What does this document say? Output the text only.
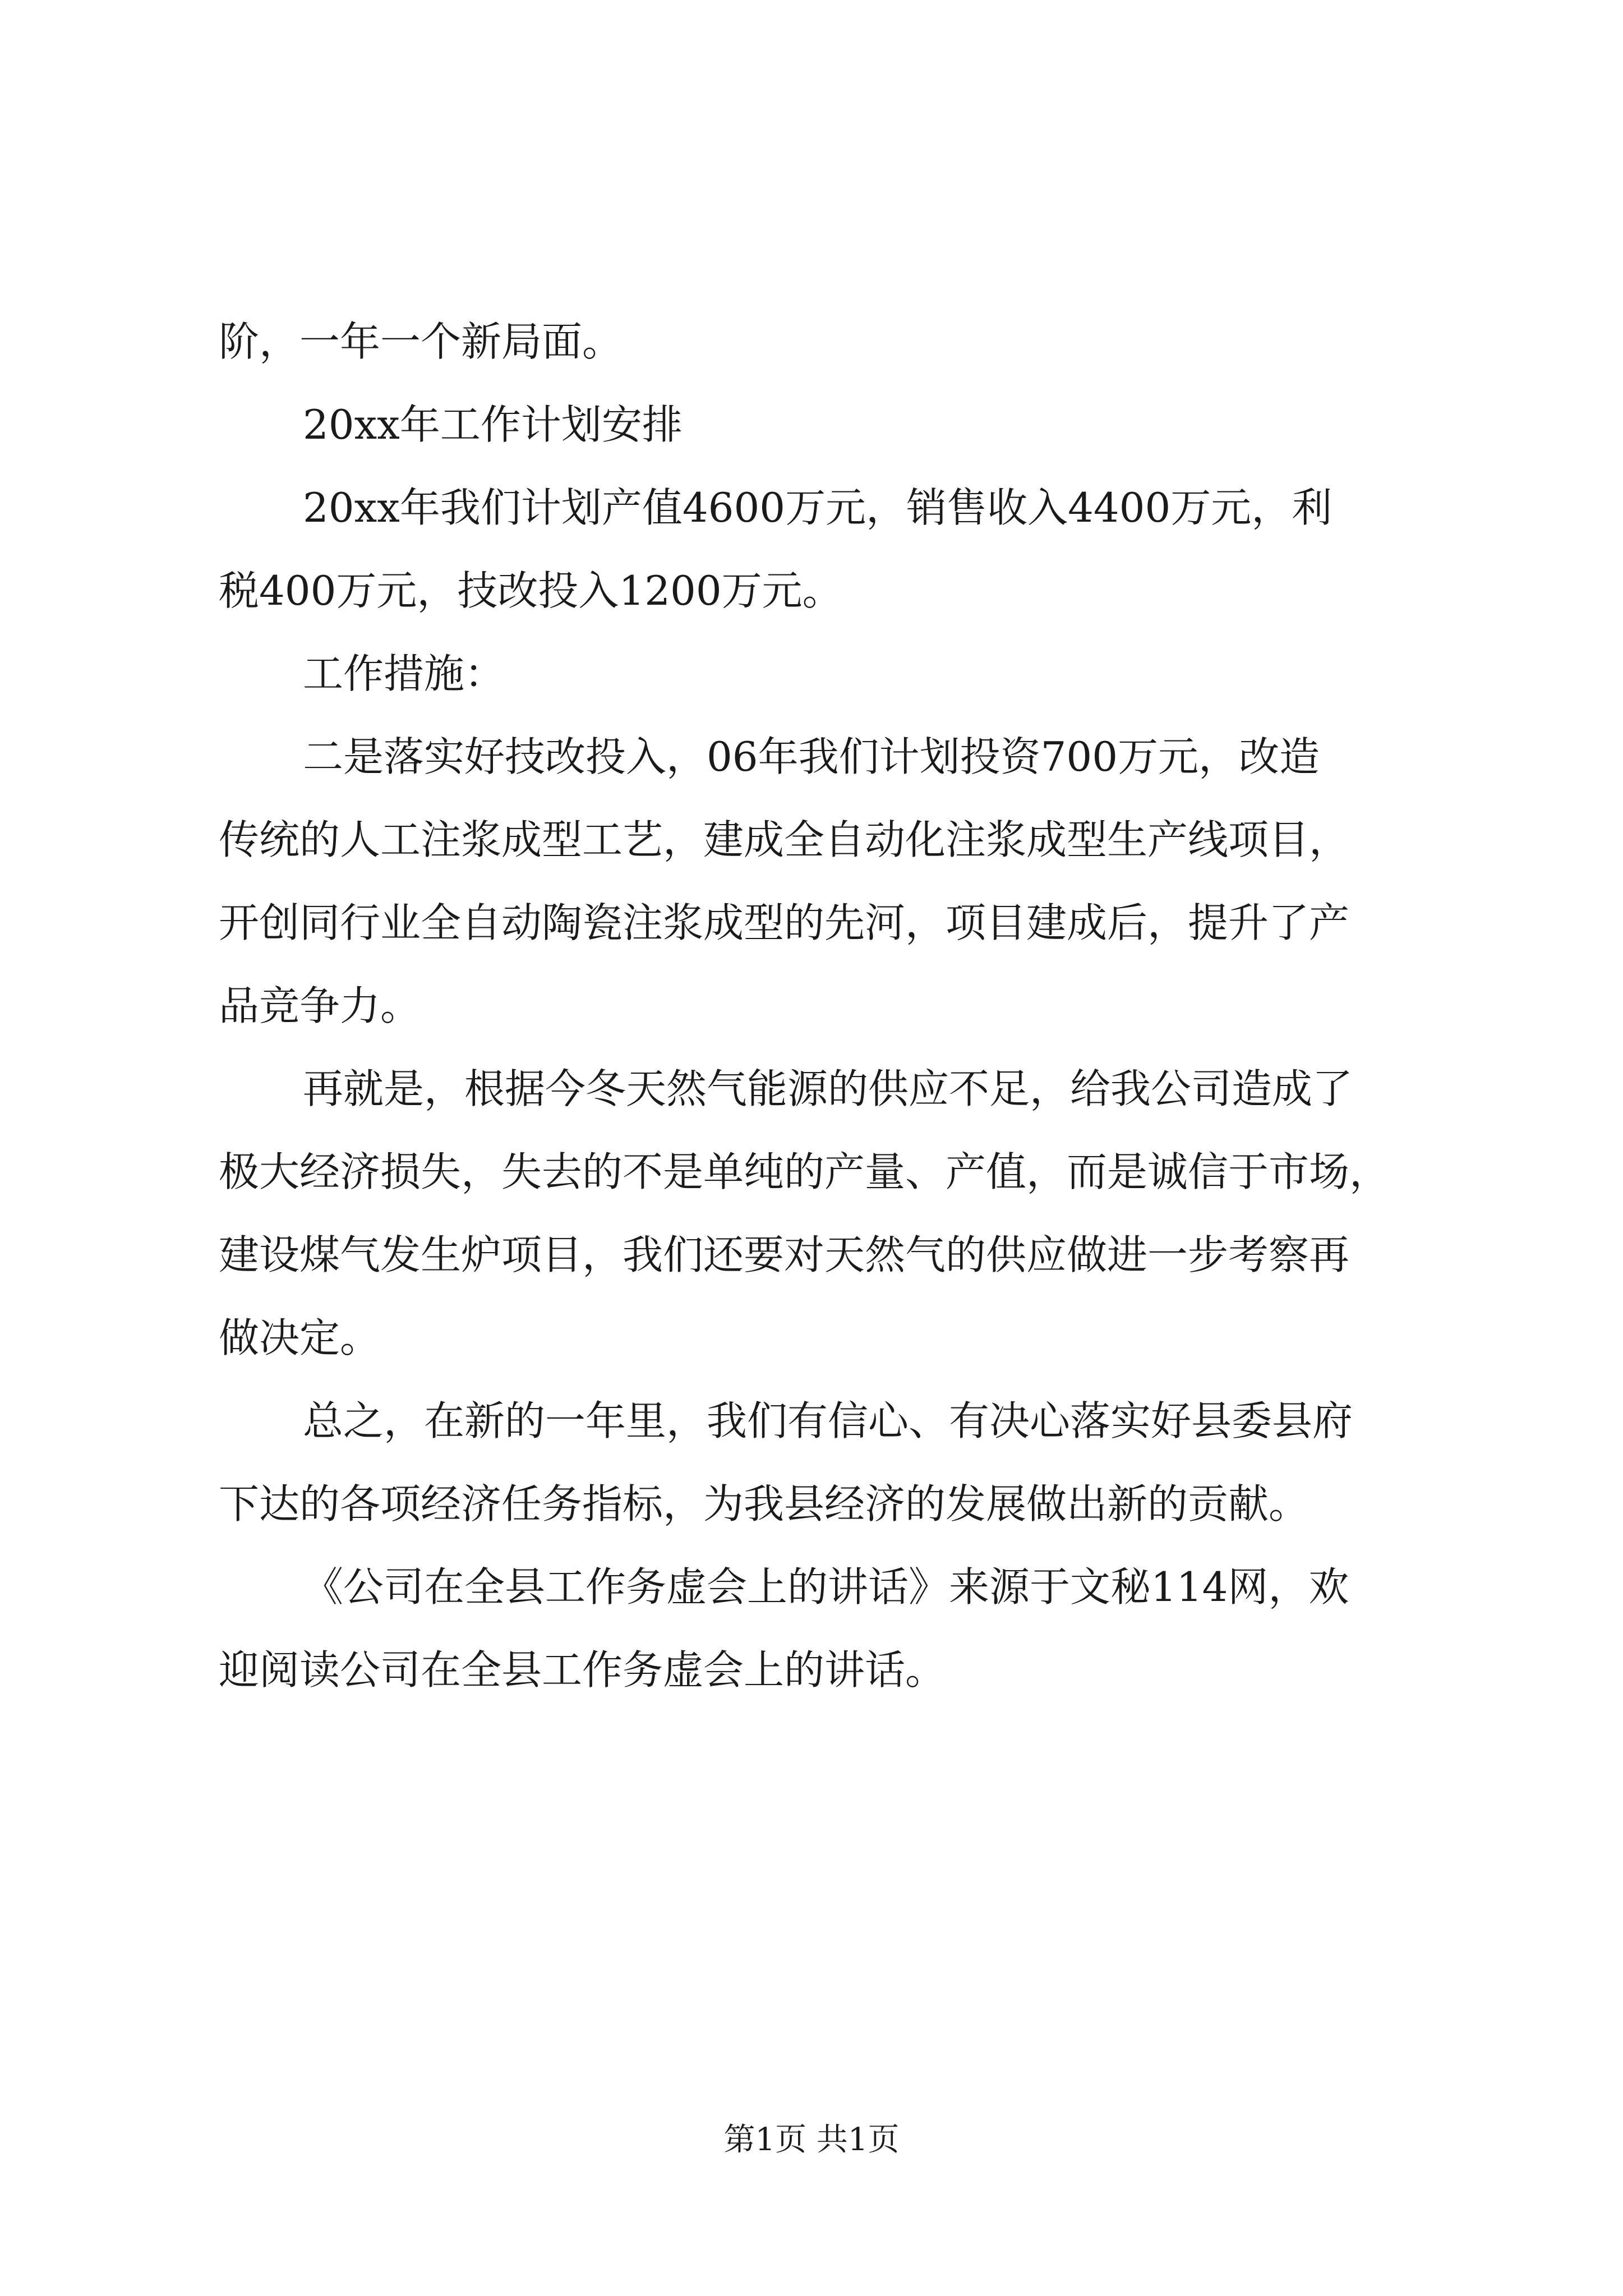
阶，一年一个新局面。
20xx年工作计划安排
20xx年我们计划产值4600万元，销售收入4400万元，利
税400万元，技改投入1200万元。
工作措施：
二是落实好技改投入，06年我们计划投资700万元，改造
传统的人工注浆成型工艺，建成全自动化注浆成型生产线项目，
开创同行业全自动陶瓷注浆成型的先河，项目建成后，提升了产
品竞争力。
再就是，根据今冬天然气能源的供应不足，给我公司造成了
极大经济损失，失去的不是单纯的产量、产值，而是诚信于市场，
建设煤气发生炉项目，我们还要对天然气的供应做进一步考察再
做决定。
总之，在新的一年里，我们有信心、有决心落实好县委县府
下达的各项经济任务指标，为我县经济的发展做出新的贡献。
《公司在全县工作务虚会上的讲话》来源于文秘114网，欢
迎阅读公司在全县工作务虚会上的讲话。
第1页 共1页
